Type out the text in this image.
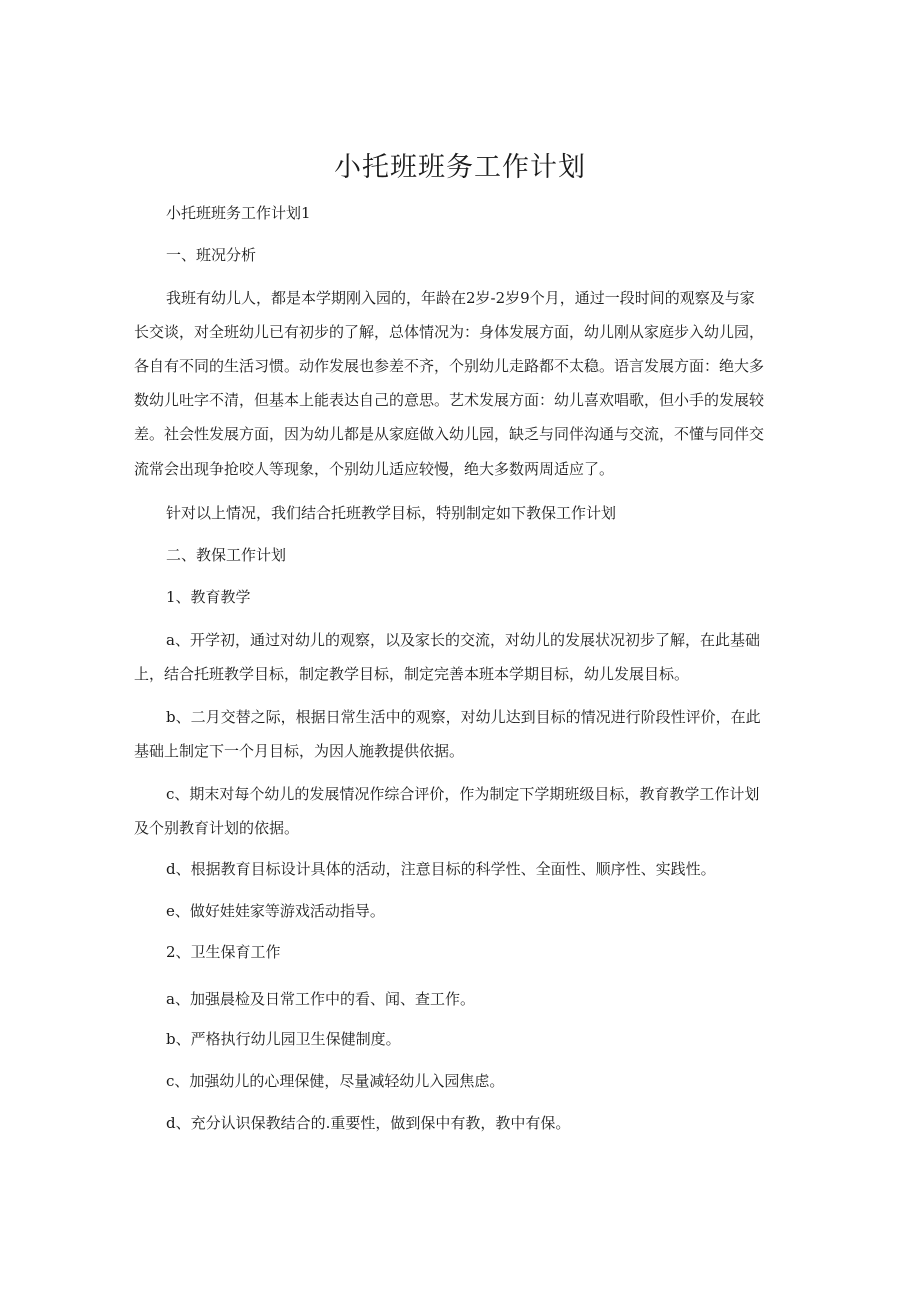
小托班班务工作计划
小托班班务工作计划1
一、班况分析
我班有幼儿人，都是本学期刚入园的，年龄在2岁-2岁9个月，通过一段时间的观察及与家
长交谈，对全班幼儿已有初步的了解，总体情况为：身体发展方面，幼儿刚从家庭步入幼儿园，
各自有不同的生活习惯。动作发展也参差不齐，个别幼儿走路都不太稳。语言发展方面：绝大多
数幼儿吐字不清，但基本上能表达自己的意思。艺术发展方面：幼儿喜欢唱歌，但小手的发展较
差。社会性发展方面，因为幼儿都是从家庭做入幼儿园，缺乏与同伴沟通与交流，不懂与同伴交
流常会出现争抢咬人等现象，个别幼儿适应较慢，绝大多数两周适应了。
针对以上情况，我们结合托班教学目标，特别制定如下教保工作计划
二、教保工作计划
1、教育教学
a、开学初，通过对幼儿的观察，以及家长的交流，对幼儿的发展状况初步了解，在此基础
上，结合托班教学目标，制定教学目标，制定完善本班本学期目标，幼儿发展目标。
b、二月交替之际，根据日常生活中的观察，对幼儿达到目标的情况进行阶段性评价，在此
基础上制定下一个月目标，为因人施教提供依据。
c、期末对每个幼儿的发展情况作综合评价，作为制定下学期班级目标，教育教学工作计划
及个别教育计划的依据。
d、根据教育目标设计具体的活动，注意目标的科学性、全面性、顺序性、实践性。
e、做好娃娃家等游戏活动指导。
2、卫生保育工作
a、加强晨检及日常工作中的看、闻、查工作。
b、严格执行幼儿园卫生保健制度。
c、加强幼儿的心理保健，尽量减轻幼儿入园焦虑。
d、充分认识保教结合的.重要性，做到保中有教，教中有保。
